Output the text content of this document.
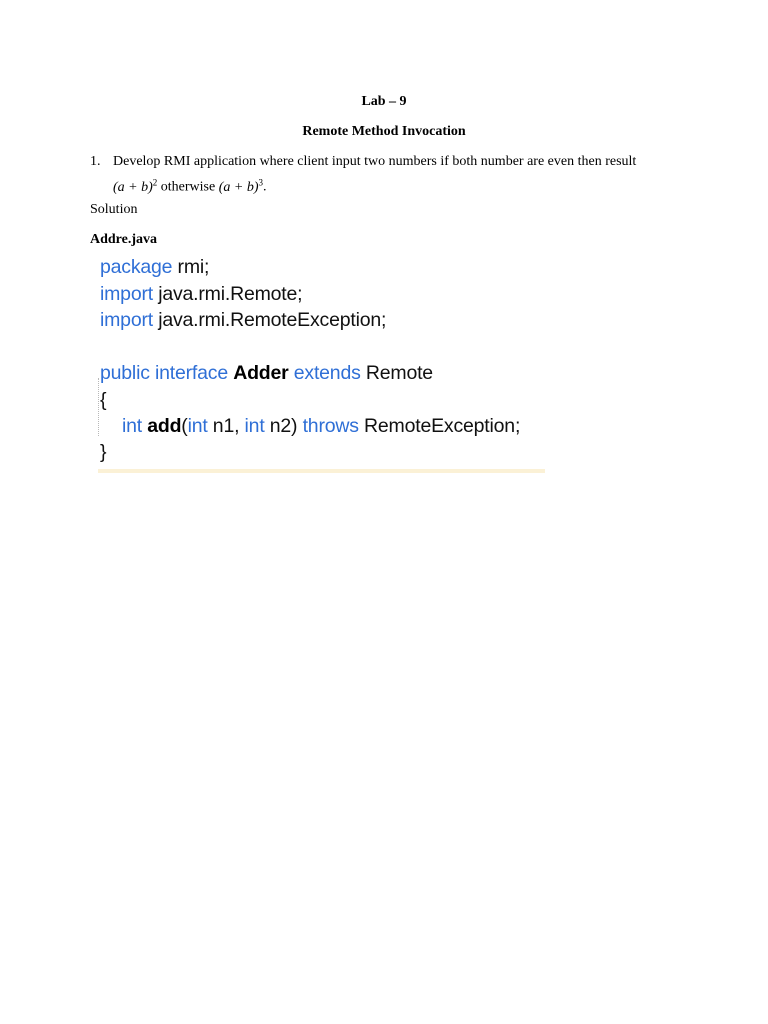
Lab – 9
Remote Method Invocation
1. Develop RMI application where client input two numbers if both number are even then result
$(a + b)^2$ otherwise $(a + b)^3$.
Solution
Addre.java
package rmi;
import java.rmi.Remote;
import java.rmi.RemoteException;
public interface Adder extends Remote
{
int add(int n1, int n2) throws RemoteException;
}
